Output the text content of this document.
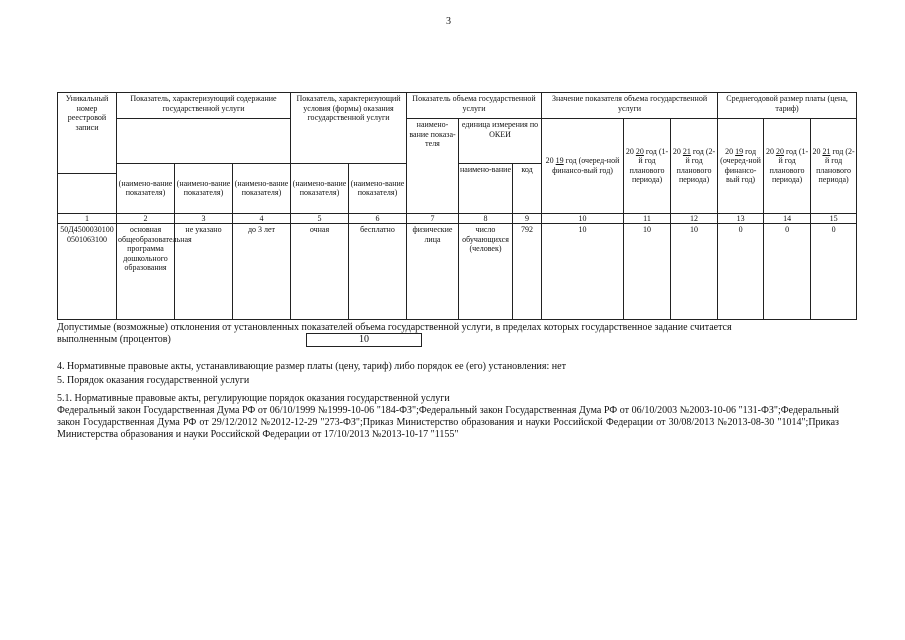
3
Уникальный номер реестровой записи	Показатель, характеризующий содержание государственной услуги			Показатель, характеризующий условия (формы) оказания государственной услуги		Показатель объема государственной услуги			Значение показателя объема государственной услуги			Среднегодовой размер платы (цена, тариф)		
						наимено-вание показа-теля	единица измерения по ОКЕИ		20 19 год (очеред-ной финансо-вый год)	20 20 год (1-й год планового периода)	20 21 год (2-й год планового периода)	20 19 год (очеред-ной финансо-вый год)	20 20 год (1-й год планового периода)	20 21 год (2-й год планового периода)
	(наимено-вание показателя)	(наимено-вание показателя)	(наимено-вание показателя)	(наимено-вание показателя)	(наимено-вание показателя)		наимено-вание	код						

1	2	3	4	5	6	7	8	9	10	11	12	13	14	15
50Д45000301000501063100	основная общеобразовательная программа дошкольного образования	не указано	до 3 лет	очная	бесплатно	физические лица	число обучающихся (человек)	792	10	10	10	0	0	0
Допустимые (возможные) отклонения от установленных показателей объема государственной услуги, в пределах которых государственное задание считается выполненным (процентов)	10
4. Нормативные правовые акты, устанавливающие размер платы (цену, тариф) либо порядок ее (его) установления: нет
5. Порядок оказания государственной услуги
5.1. Нормативные правовые акты, регулирующие порядок оказания государственной услуги
Федеральный закон Государственная Дума РФ от 06/10/1999 №1999-10-06 "184-ФЗ";Федеральный закон Государственная Дума РФ от 06/10/2003 №2003-10-06 "131-ФЗ";Федеральный закон Государственная Дума РФ от 29/12/2012 №2012-12-29 "273-ФЗ";Приказ Министерство образования и науки Российской Федерации от 30/08/2013 №2013-08-30 "1014";Приказ Министерства образования и науки Российской Федерации от 17/10/2013 №2013-10-17 "1155"
